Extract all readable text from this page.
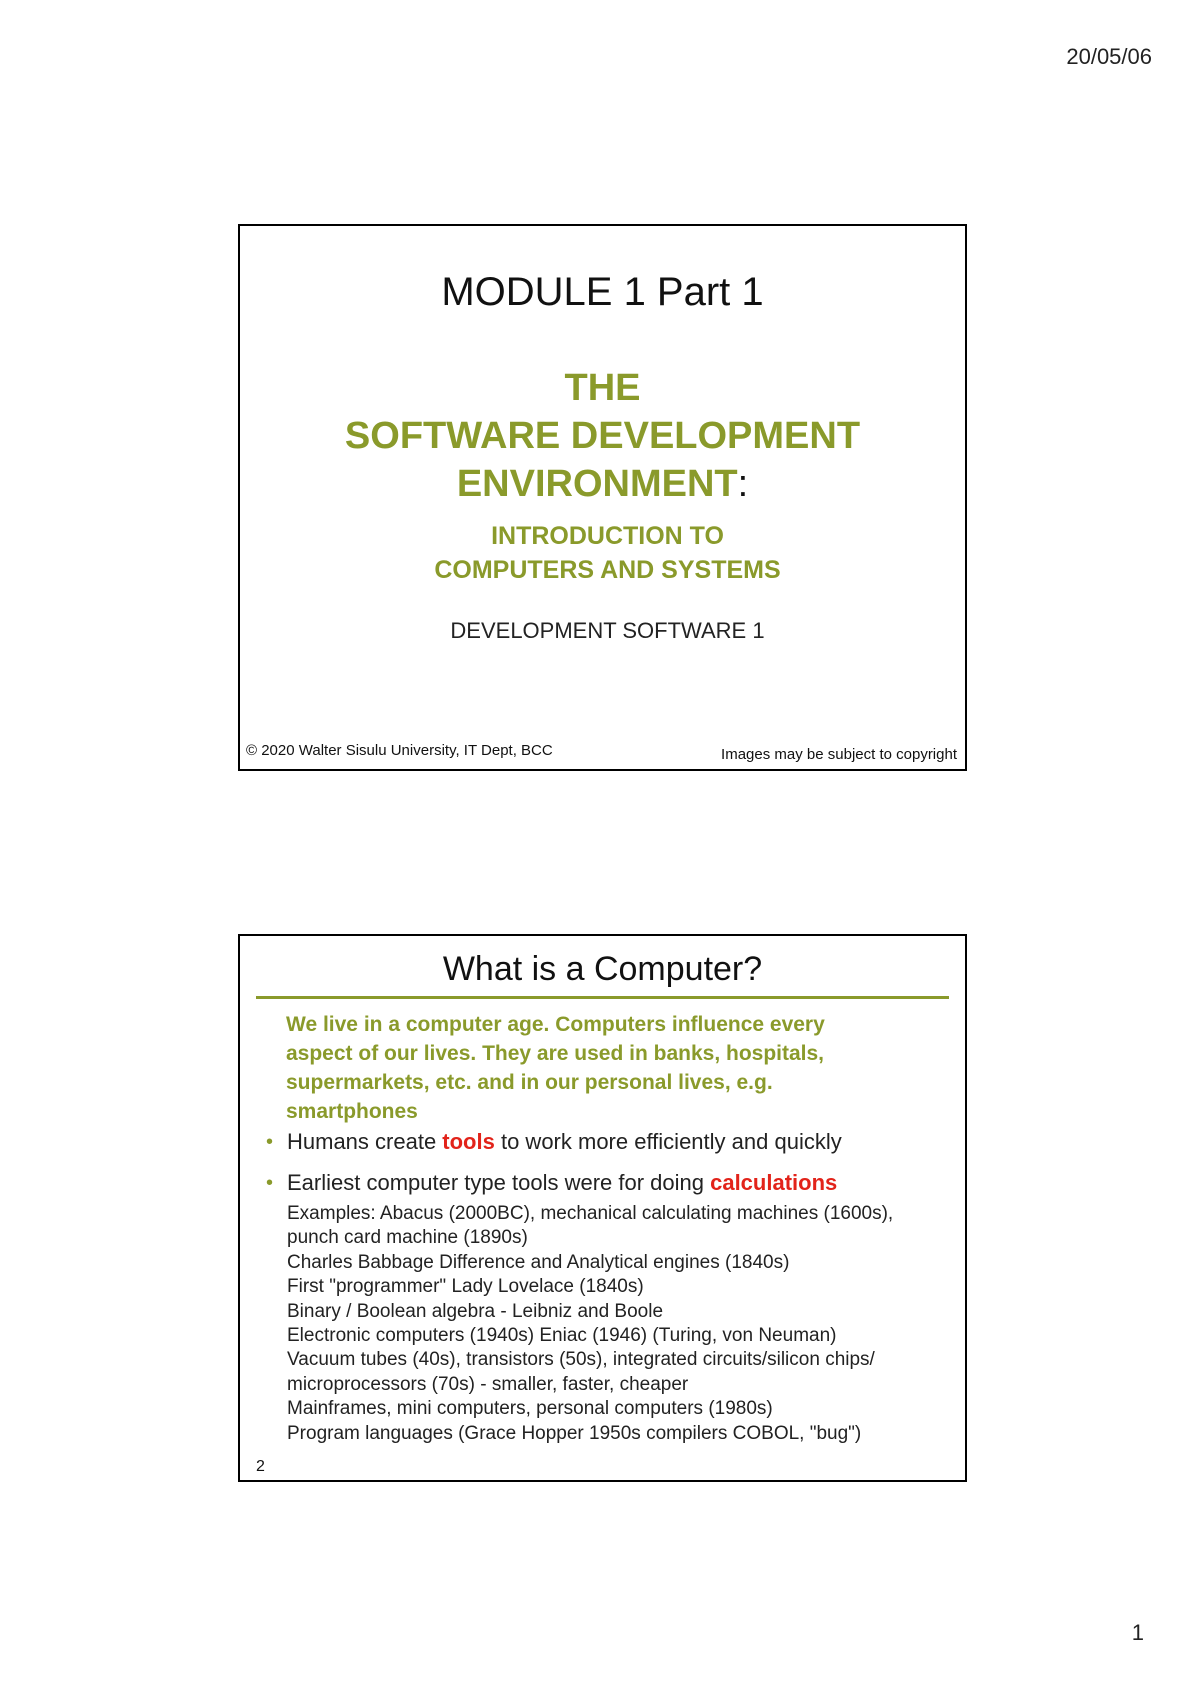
20/05/06
MODULE 1 Part 1
THE
SOFTWARE DEVELOPMENT
ENVIRONMENT:
INTRODUCTION TO
COMPUTERS AND SYSTEMS
DEVELOPMENT SOFTWARE 1
© 2020 Walter Sisulu University, IT Dept, BCC	Images may be subject to copyright
What is a Computer?
We live in a computer age. Computers influence every
aspect of our lives. They are used in banks, hospitals,
supermarkets, etc. and in our personal lives, e.g.
smartphones
• Humans create tools to work more efficiently and quickly
• Earliest computer type tools were for doing calculations
Examples: Abacus (2000BC), mechanical calculating machines (1600s),
punch card machine (1890s)
Charles Babbage Difference and Analytical engines (1840s)
First "programmer" Lady Lovelace (1840s)
Binary / Boolean algebra - Leibniz and Boole
Electronic computers (1940s) Eniac (1946) (Turing, von Neuman)
Vacuum tubes (40s), transistors (50s), integrated circuits/silicon chips/
microprocessors (70s) - smaller, faster, cheaper
Mainframes, mini computers, personal computers (1980s)
Program languages (Grace Hopper 1950s compilers COBOL, "bug")
2
1
